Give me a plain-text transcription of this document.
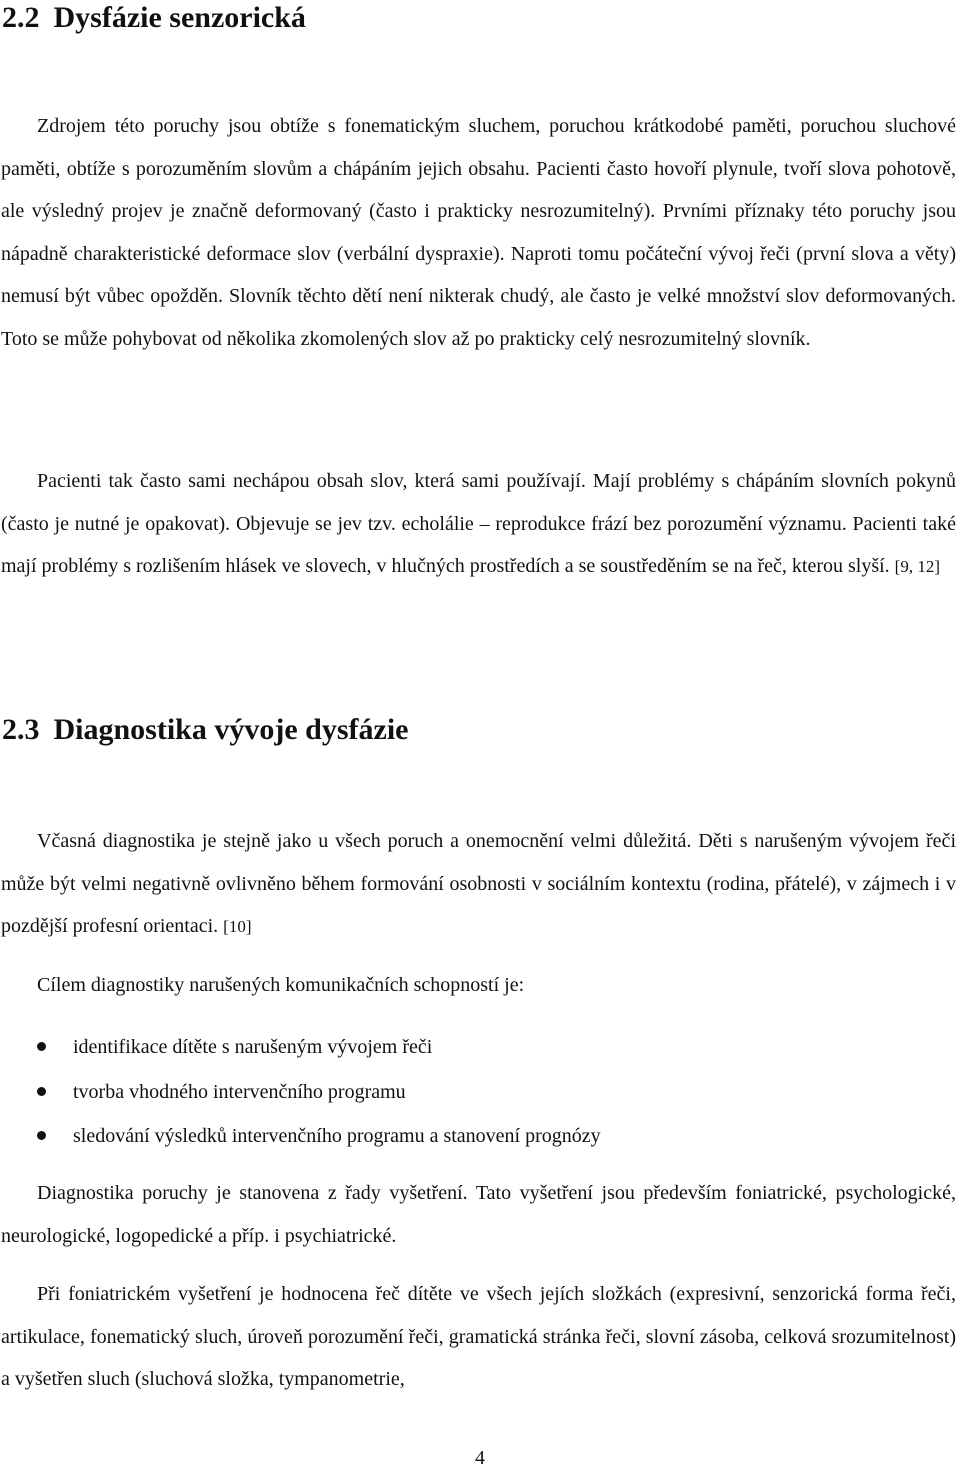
2.2 Dysfázie senzorická

Zdrojem této poruchy jsou obtíže s fonematickým sluchem, poruchou krátkodobé paměti, poruchou sluchové paměti, obtíže s porozuměním slovům a chápáním jejich obsahu. Pacienti často hovoří plynule, tvoří slova pohotově, ale výsledný projev je značně deformovaný (často i prakticky nesrozumitelný). Prvními příznaky této poruchy jsou nápadně charakteristické deformace slov (verbální dyspraxie). Naproti tomu počáteční vývoj řeči (první slova a věty) nemusí být vůbec opožděn. Slovník těchto dětí není nikterak chudý, ale často je velké množství slov deformovaných. Toto se může pohybovat od několika zkomolených slov až po prakticky celý nesrozumitelný slovník.

Pacienti tak často sami nechápou obsah slov, která sami používají. Mají problémy s chápáním slovních pokynů (často je nutné je opakovat). Objevuje se jev tzv. echolálie – reprodukce frází bez porozumění významu. Pacienti také mají problémy s rozlišením hlásek ve slovech, v hlučných prostředích a se soustředěním se na řeč, kterou slyší. [9, 12]

2.3 Diagnostika vývoje dysfázie

Včasná diagnostika je stejně jako u všech poruch a onemocnění velmi důležitá. Děti s narušeným vývojem řeči může být velmi negativně ovlivněno během formování osobnosti v sociálním kontextu (rodina, přátelé), v zájmech i v pozdější profesní orientaci. [10]

Cílem diagnostiky narušených komunikačních schopností je:

identifikace dítěte s narušeným vývojem řeči
tvorba vhodného intervenčního programu
sledování výsledků intervenčního programu a stanovení prognózy

Diagnostika poruchy je stanovena z řady vyšetření. Tato vyšetření jsou především foniatrické, psychologické, neurologické, logopedické a příp. i psychiatrické.

Při foniatrickém vyšetření je hodnocena řeč dítěte ve všech jejích složkách (expresivní, senzorická forma řeči, artikulace, fonematický sluch, úroveň porozumění řeči, gramatická stránka řeči, slovní zásoba, celková srozumitelnost) a vyšetřen sluch (sluchová složka, tympanometrie,

4
